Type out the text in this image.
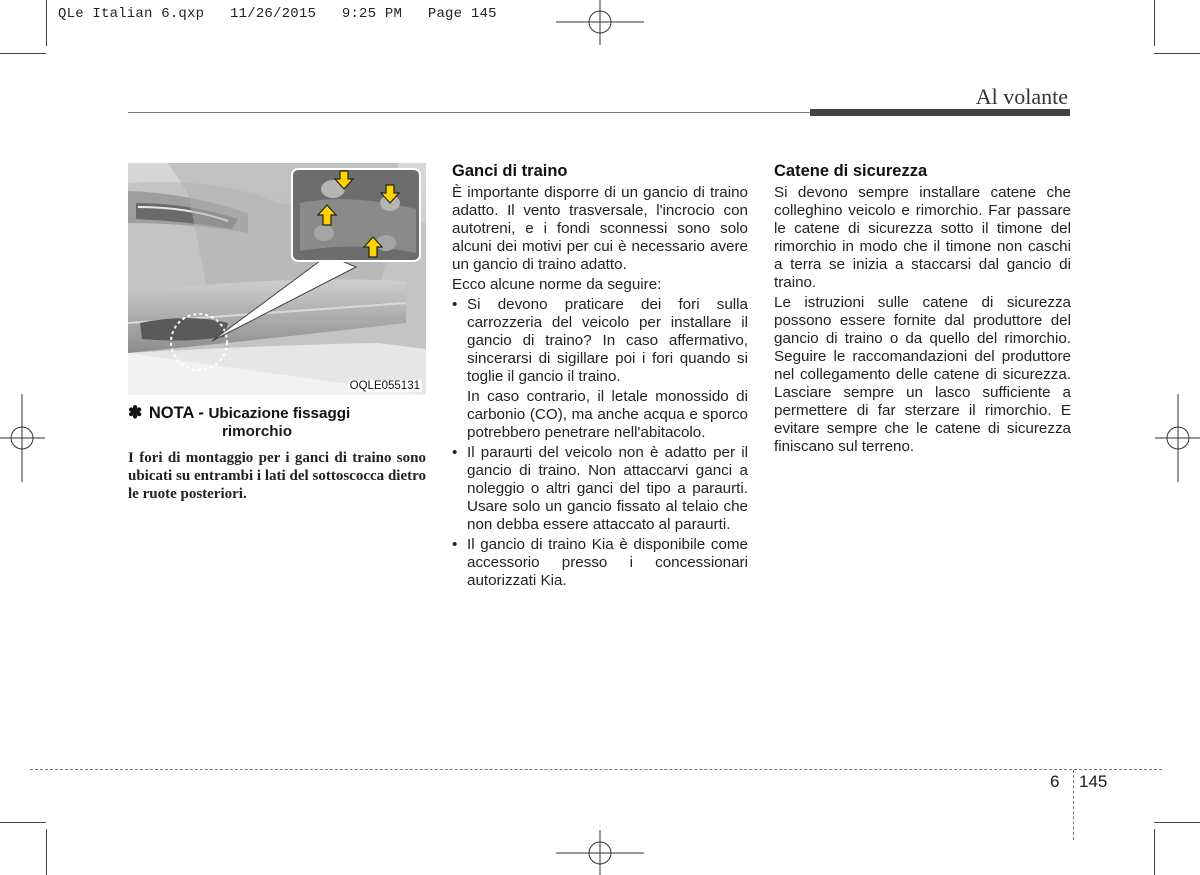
QLe Italian 6.qxp   11/26/2015   9:25 PM   Page 145
Al volante
OQLE055131
✽ NOTA - Ubicazione fissaggi
rimorchio
I fori di montaggio per i ganci di traino sono ubicati su entrambi i lati del sottoscocca dietro le ruote posteriori.
Ganci di traino

È importante disporre di un gancio di traino adatto. Il vento trasversale, l'incrocio con autotreni, e i fondi sconnessi sono solo alcuni dei motivi per cui è necessario avere un gancio di traino adatto.

Ecco alcune norme da seguire:

• Si devono praticare dei fori sulla carrozzeria del veicolo per installare il gancio di traino? In caso affermativo, sincerarsi di sigillare poi i fori quando si toglie il gancio il traino.

In caso contrario, il letale monossido di carbonio (CO), ma anche acqua e sporco potrebbero penetrare nell'abitacolo.

• Il paraurti del veicolo non è adatto per il gancio di traino. Non attaccarvi ganci a noleggio o altri ganci del tipo a paraurti. Usare solo un gancio fissato al telaio che non debba essere attaccato al paraurti.

• Il gancio di traino Kia è disponibile come accessorio presso i concessionari autorizzati Kia.

Catene di sicurezza

Si devono sempre installare catene che colleghino veicolo e rimorchio. Far passare le catene di sicurezza sotto il timone del rimorchio in modo che il timone non caschi a terra se inizia a staccarsi dal gancio di traino.

Le istruzioni sulle catene di sicurezza possono essere fornite dal produttore del gancio di traino o da quello del rimorchio. Seguire le raccomandazioni del produttore nel collegamento delle catene di sicurezza. Lasciare sempre un lasco sufficiente a permettere di far sterzare il rimorchio. E evitare sempre che le catene di sicurezza finiscano sul terreno.

6 145
